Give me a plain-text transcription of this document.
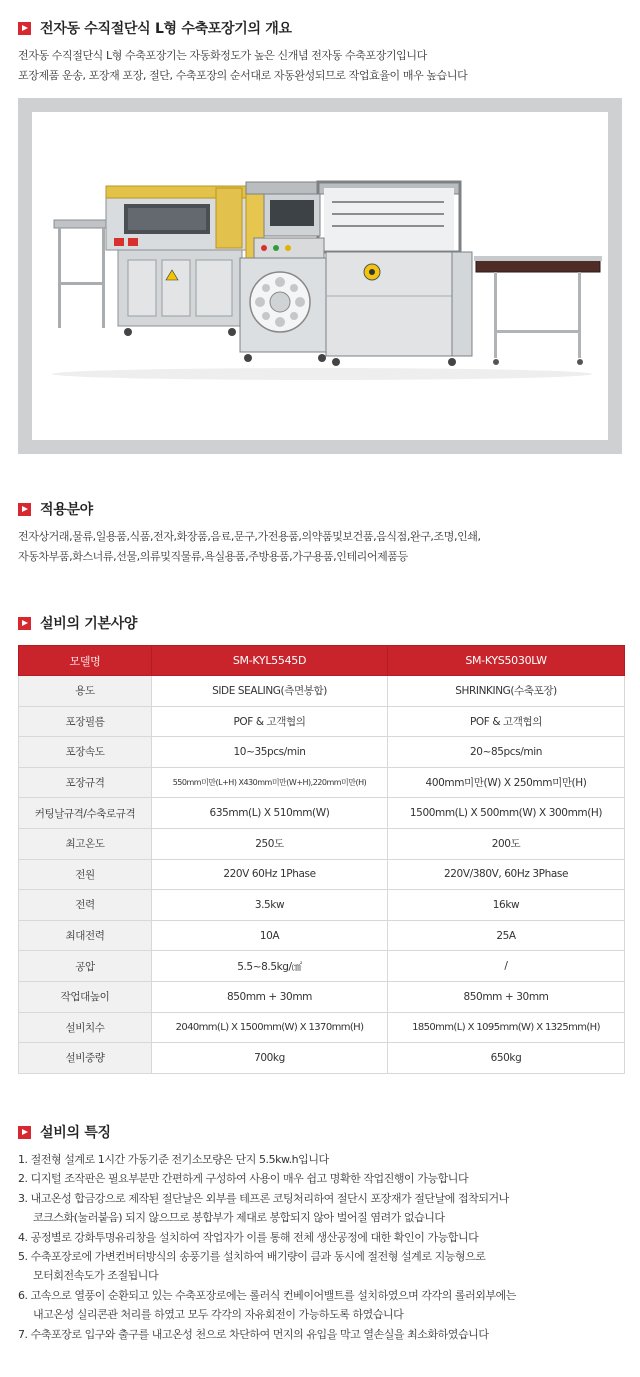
전자동 수직절단식 L형 수축포장기의 개요
전자동 수직절단식 L형 수축포장기는 자동화정도가 높은 신개념 전자동 수축포장기입니다
포장제품 운송, 포장재 포장, 절단, 수축포장의 순서대로 자동완성되므로 작업효율이 매우 높습니다
적용분야
전자상거래,물류,일용품,식품,전자,화장품,음료,문구,가전용품,의약품및보건품,음식점,완구,조명,인쇄,
자동차부품,화스너류,선물,의류및직물류,욕실용품,주방용품,가구용품,인테리어제품등
설비의 기본사양
모델명	SM-KYL5545D	SM-KYS5030LW
용도	SIDE SEALING(측면봉합)	SHRINKING(수축포장)
포장필름	POF & 고객협의	POF & 고객협의
포장속도	10~35pcs/min	20~85pcs/min
포장규격	550mm미만(L+H) X430mm미만(W+H),220mm미만(H)	400mm미만(W) X 250mm미만(H)
커팅날규격/수축로규격	635mm(L) X 510mm(W)	1500mm(L) X 500mm(W) X 300mm(H)
최고온도	250도	200도
전원	220V 60Hz 1Phase	220V/380V, 60Hz 3Phase
전력	3.5kw	16kw
최대전력	10A	25A
공압	5.5~8.5kg/㎠	/
작업대높이	850mm + 30mm	850mm + 30mm
설비치수	2040mm(L) X 1500mm(W) X 1370mm(H)	1850mm(L) X 1095mm(W) X 1325mm(H)
설비중량	700kg	650kg
설비의 특징
1. 절전형 설계로 1시간 가동기준 전기소모량은 단지 5.5kw.h입니다
2. 디지털 조작판은 필요부분만 간편하게 구성하여 사용이 매우 쉽고 명확한 작업진행이 가능합니다
3. 내고온성 합금강으로 제작된 절단날은 외부를 테프론 코팅처리하여 절단시 포장재가 절단날에 접착되거나
코크스화(눌러붙음) 되지 않으므로 봉합부가 제대로 봉합되지 않아 벌어질 염려가 없습니다
4. 공정별로 강화투명유리창을 설치하여 작업자가 이를 통해 전체 생산공정에 대한 확인이 가능합니다
5. 수축포장로에 가변컨버터방식의 송풍기를 설치하여 배기량이 큼과 동시에 절전형 설계로 지능형으로
모터회전속도가 조절됩니다
6. 고속으로 열풍이 순환되고 있는 수축포장로에는 롤러식 컨베이어밸트를 설치하였으며 각각의 롤러외부에는
내고온성 실리콘관 처리를 하였고 모두 각각의 자유회전이 가능하도록 하였습니다
7. 수축포장로 입구와 출구를 내고온성 천으로 차단하여 먼지의 유입을 막고 열손실을 최소화하였습니다
